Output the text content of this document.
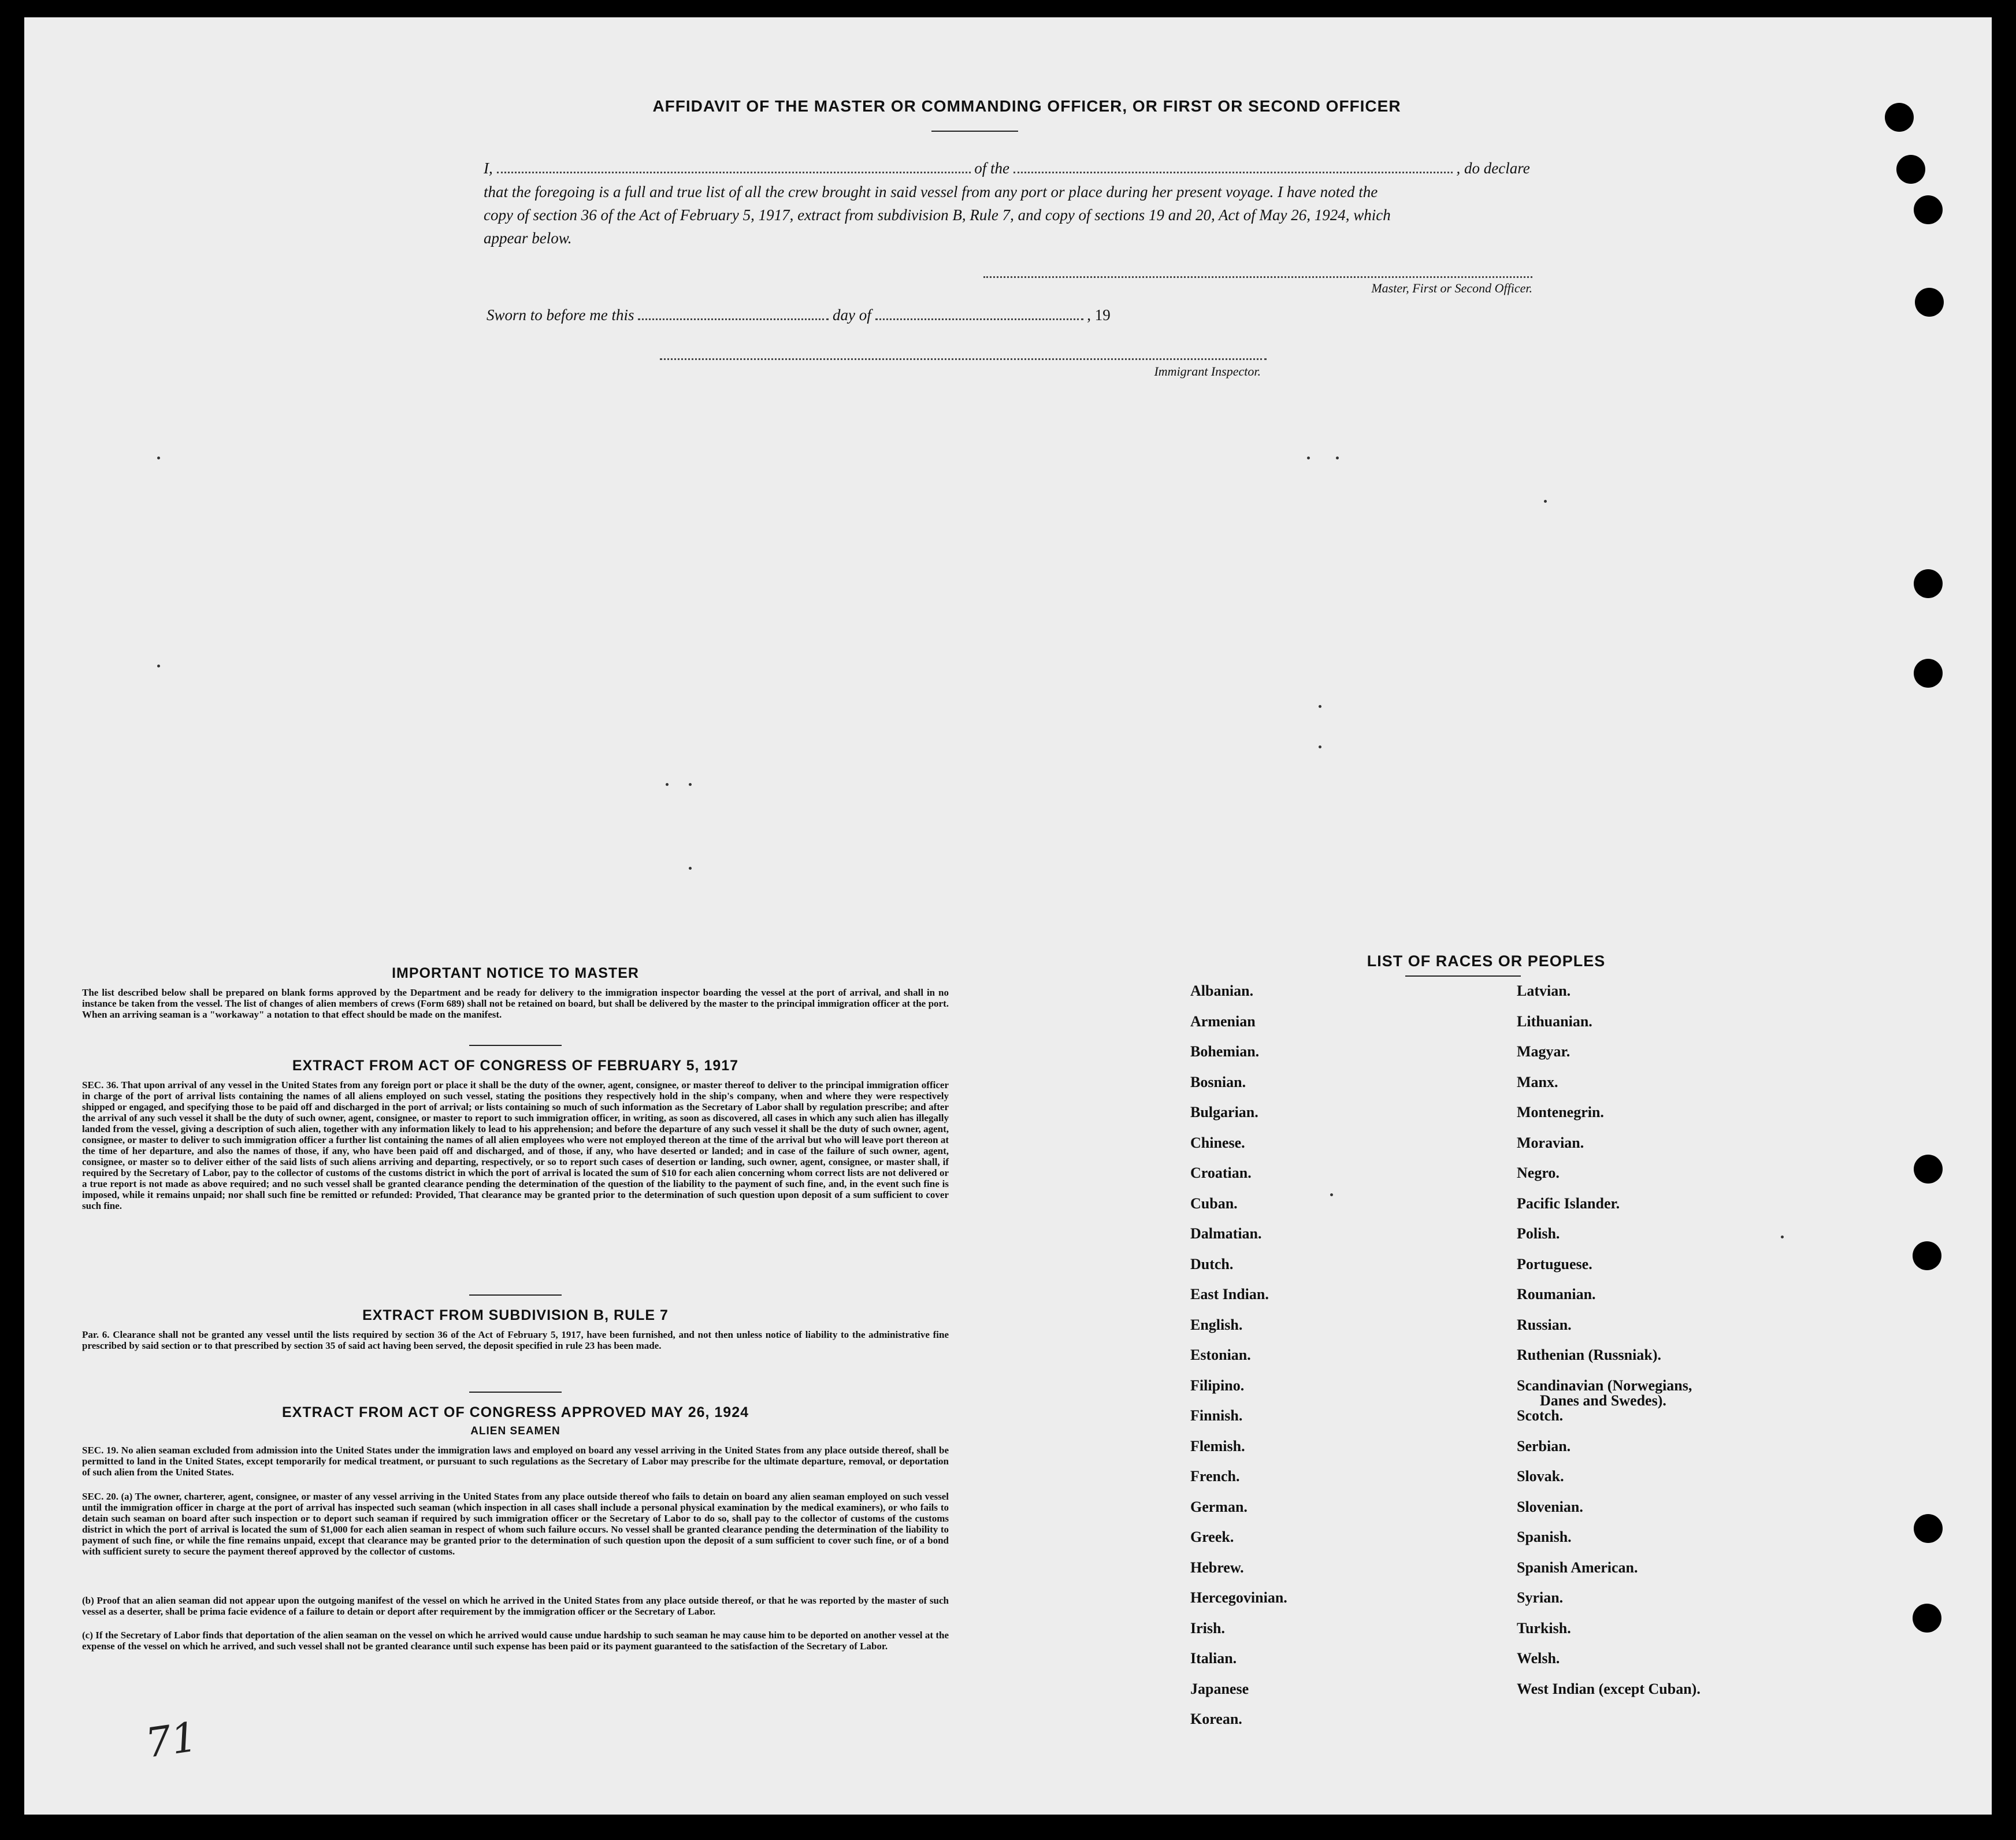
AFFIDAVIT OF THE MASTER OR COMMANDING OFFICER, OR FIRST OR SECOND OFFICER
I,	of the	, do declare
that the foregoing is a full and true list of all the crew brought in said vessel from any port or place during her present voyage. I have noted the
copy of section 36 of the Act of February 5, 1917, extract from subdivision B, Rule 7, and copy of sections 19 and 20, Act of May 26, 1924, which
appear below.
Master, First or Second Officer.
Sworn to before me this	day of	, 19
Immigrant Inspector.
IMPORTANT NOTICE TO MASTER
The list described below shall be prepared on blank forms approved by the Department and be ready for delivery to the immigration inspector boarding the vessel at the port of arrival, and shall in no instance be taken from the vessel. The list of changes of alien members of crews (Form 689) shall not be retained on board, but shall be delivered by the master to the principal immigration officer at the port. When an arriving seaman is a "workaway" a notation to that effect should be made on the manifest.
EXTRACT FROM ACT OF CONGRESS OF FEBRUARY 5, 1917
SEC. 36. That upon arrival of any vessel in the United States from any foreign port or place it shall be the duty of the owner, agent, consignee, or master thereof to deliver to the principal immigration officer in charge of the port of arrival lists containing the names of all aliens employed on such vessel, stating the positions they respectively hold in the ship's company, when and where they were respectively shipped or engaged, and specifying those to be paid off and discharged in the port of arrival; or lists containing so much of such information as the Secretary of Labor shall by regulation prescribe; and after the arrival of any such vessel it shall be the duty of such owner, agent, consignee, or master to report to such immigration officer, in writing, as soon as discovered, all cases in which any such alien has illegally landed from the vessel, giving a description of such alien, together with any information likely to lead to his apprehension; and before the departure of any such vessel it shall be the duty of such owner, agent, consignee, or master to deliver to such immigration officer a further list containing the names of all alien employees who were not employed thereon at the time of the arrival but who will leave port thereon at the time of her departure, and also the names of those, if any, who have been paid off and discharged, and of those, if any, who have deserted or landed; and in case of the failure of such owner, agent, consignee, or master so to deliver either of the said lists of such aliens arriving and departing, respectively, or so to report such cases of desertion or landing, such owner, agent, consignee, or master shall, if required by the Secretary of Labor, pay to the collector of customs of the customs district in which the port of arrival is located the sum of $10 for each alien concerning whom correct lists are not delivered or a true report is not made as above required; and no such vessel shall be granted clearance pending the determination of the question of the liability to the payment of such fine, and, in the event such fine is imposed, while it remains unpaid; nor shall such fine be remitted or refunded: Provided, That clearance may be granted prior to the determination of such question upon deposit of a sum sufficient to cover such fine.
EXTRACT FROM SUBDIVISION B, RULE 7
Par. 6. Clearance shall not be granted any vessel until the lists required by section 36 of the Act of February 5, 1917, have been furnished, and not then unless notice of liability to the administrative fine prescribed by said section or to that prescribed by section 35 of said act having been served, the deposit specified in rule 23 has been made.
EXTRACT FROM ACT OF CONGRESS APPROVED MAY 26, 1924
ALIEN SEAMEN
SEC. 19. No alien seaman excluded from admission into the United States under the immigration laws and employed on board any vessel arriving in the United States from any place outside thereof, shall be permitted to land in the United States, except temporarily for medical treatment, or pursuant to such regulations as the Secretary of Labor may prescribe for the ultimate departure, removal, or deportation of such alien from the United States.
SEC. 20. (a) The owner, charterer, agent, consignee, or master of any vessel arriving in the United States from any place outside thereof who fails to detain on board any alien seaman employed on such vessel until the immigration officer in charge at the port of arrival has inspected such seaman (which inspection in all cases shall include a personal physical examination by the medical examiners), or who fails to detain such seaman on board after such inspection or to deport such seaman if required by such immigration officer or the Secretary of Labor to do so, shall pay to the collector of customs of the customs district in which the port of arrival is located the sum of $1,000 for each alien seaman in respect of whom such failure occurs. No vessel shall be granted clearance pending the determination of the liability to payment of such fine, or while the fine remains unpaid, except that clearance may be granted prior to the determination of such question upon the deposit of a sum sufficient to cover such fine, or of a bond with sufficient surety to secure the payment thereof approved by the collector of customs.
(b) Proof that an alien seaman did not appear upon the outgoing manifest of the vessel on which he arrived in the United States from any place outside thereof, or that he was reported by the master of such vessel as a deserter, shall be prima facie evidence of a failure to detain or deport after requirement by the immigration officer or the Secretary of Labor.
(c) If the Secretary of Labor finds that deportation of the alien seaman on the vessel on which he arrived would cause undue hardship to such seaman he may cause him to be deported on another vessel at the expense of the vessel on which he arrived, and such vessel shall not be granted clearance until such expense has been paid or its payment guaranteed to the satisfaction of the Secretary of Labor.
71
LIST OF RACES OR PEOPLES
Albanian.
Armenian
Bohemian.
Bosnian.
Bulgarian.
Chinese.
Croatian.
Cuban.
Dalmatian.
Dutch.
East Indian.
English.
Estonian.
Filipino.
Finnish.
Flemish.
French.
German.
Greek.
Hebrew.
Hercegovinian.
Irish.
Italian.
Japanese
Korean.
Latvian.
Lithuanian.
Magyar.
Manx.
Montenegrin.
Moravian.
Negro.
Pacific Islander.
Polish.
Portuguese.
Roumanian.
Russian.
Ruthenian (Russniak).
Scandinavian (Norwegians,
Danes and Swedes).
Scotch.
Serbian.
Slovak.
Slovenian.
Spanish.
Spanish American.
Syrian.
Turkish.
Welsh.
West Indian (except Cuban).
